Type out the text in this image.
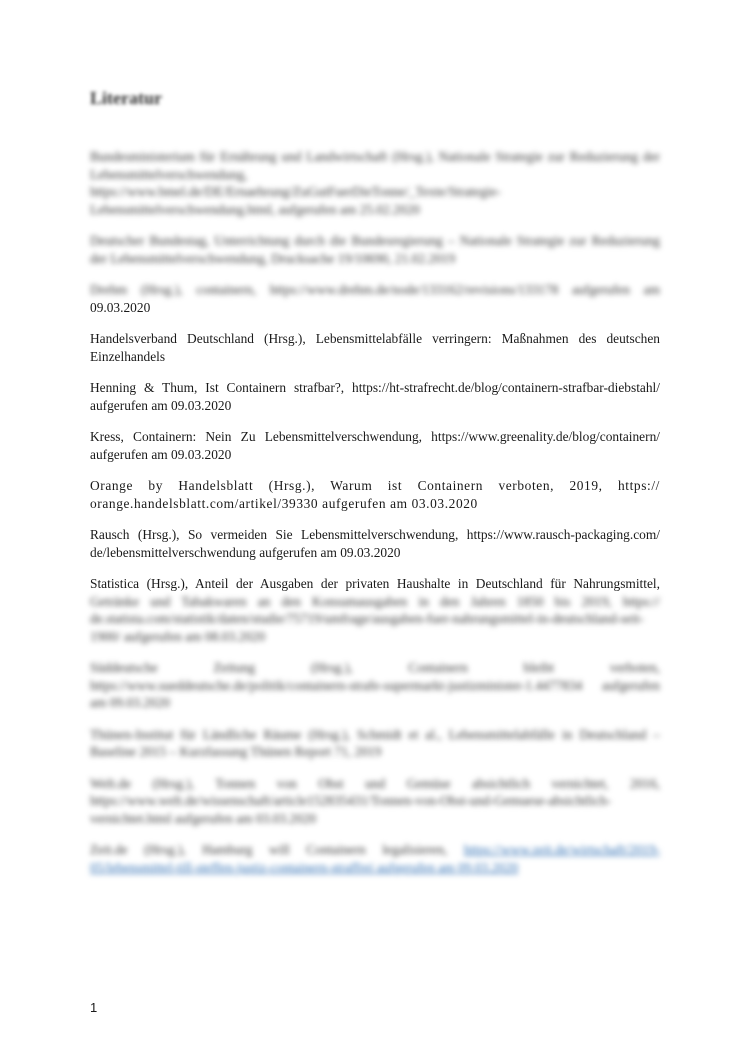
Literatur

Bundesministerium für Ernährung und Landwirtschaft (Hrsg.), Nationale Strategie zur Reduzierung der Lebensmittelverschwendung, https://www.bmel.de/DE/Ernaehrung/ZuGutFuerDieTonne/_Texte/Strategie-Lebensmittelverschwendung.html, aufgerufen am 25.02.2020

Deutscher Bundestag, Unterrichtung durch die Bundesregierung – Nationale Strategie zur Reduzierung der Lebensmittelverschwendung, Drucksache 19/10690, 21.02.2019

Drehm (Hrsg.), containern, https://www.drehm.de/node/133162/revisions/133178 aufgerufen am 09.03.2020

Handelsverband Deutschland (Hrsg.), Lebensmittelabfälle verringern: Maßnahmen des deutschen Einzelhandels

Henning & Thum, Ist Containern strafbar?, https://ht-strafrecht.de/blog/containern-strafbar-diebstahl/ aufgerufen am 09.03.2020

Kress, Containern: Nein Zu Lebensmittelverschwendung, https://www.greenality.de/blog/containern/ aufgerufen am 09.03.2020

Orange by Handelsblatt (Hrsg.), Warum ist Containern verboten, 2019, https:// orange.handelsblatt.com/artikel/39330 aufgerufen am 03.03.2020

Rausch (Hrsg.), So vermeiden Sie Lebensmittelverschwendung, https://www.rausch-packaging.com/ de/lebensmittelverschwendung aufgerufen am 09.03.2020

Statistica (Hrsg.), Anteil der Ausgaben der privaten Haushalte in Deutschland für Nahrungsmittel, Getränke und Tabakwaren an den Konsumausgaben in den Jahren 1850 bis 2019, https:// de.statista.com/statistik/daten/studie/75719/umfrage/ausgaben-fuer-nahrungsmittel-in-deutschland-seit-1900/ aufgerufen am 08.03.2020

Süddeutsche Zeitung (Hrsg.), Containern bleibt verboten, https://www.sueddeutsche.de/politik/containern-strafe-supermarkt-justizminister-1.4477834 aufgerufen am 09.03.2020

Thünen-Institut für Ländliche Räume (Hrsg.), Schmidt et al., Lebensmittelabfälle in Deutschland – Baseline 2015 – Kurzfassung Thünen Report 71, 2019

Welt.de (Hrsg.), Tonnen von Obst und Gemüse absichtlich vernichtet, 2016, https://www.welt.de/wissenschaft/article152835431/Tonnen-von-Obst-und-Gemuese-absichtlich-vernichtet.html aufgerufen am 03.03.2020

Zeit.de (Hrsg.), Hamburg will Containern legalisieren, https://www.zeit.de/wirtschaft/2019-05/lebensmittel-till-steffen-justiz-containern-straffrei aufgerufen am 09.03.2020

1
